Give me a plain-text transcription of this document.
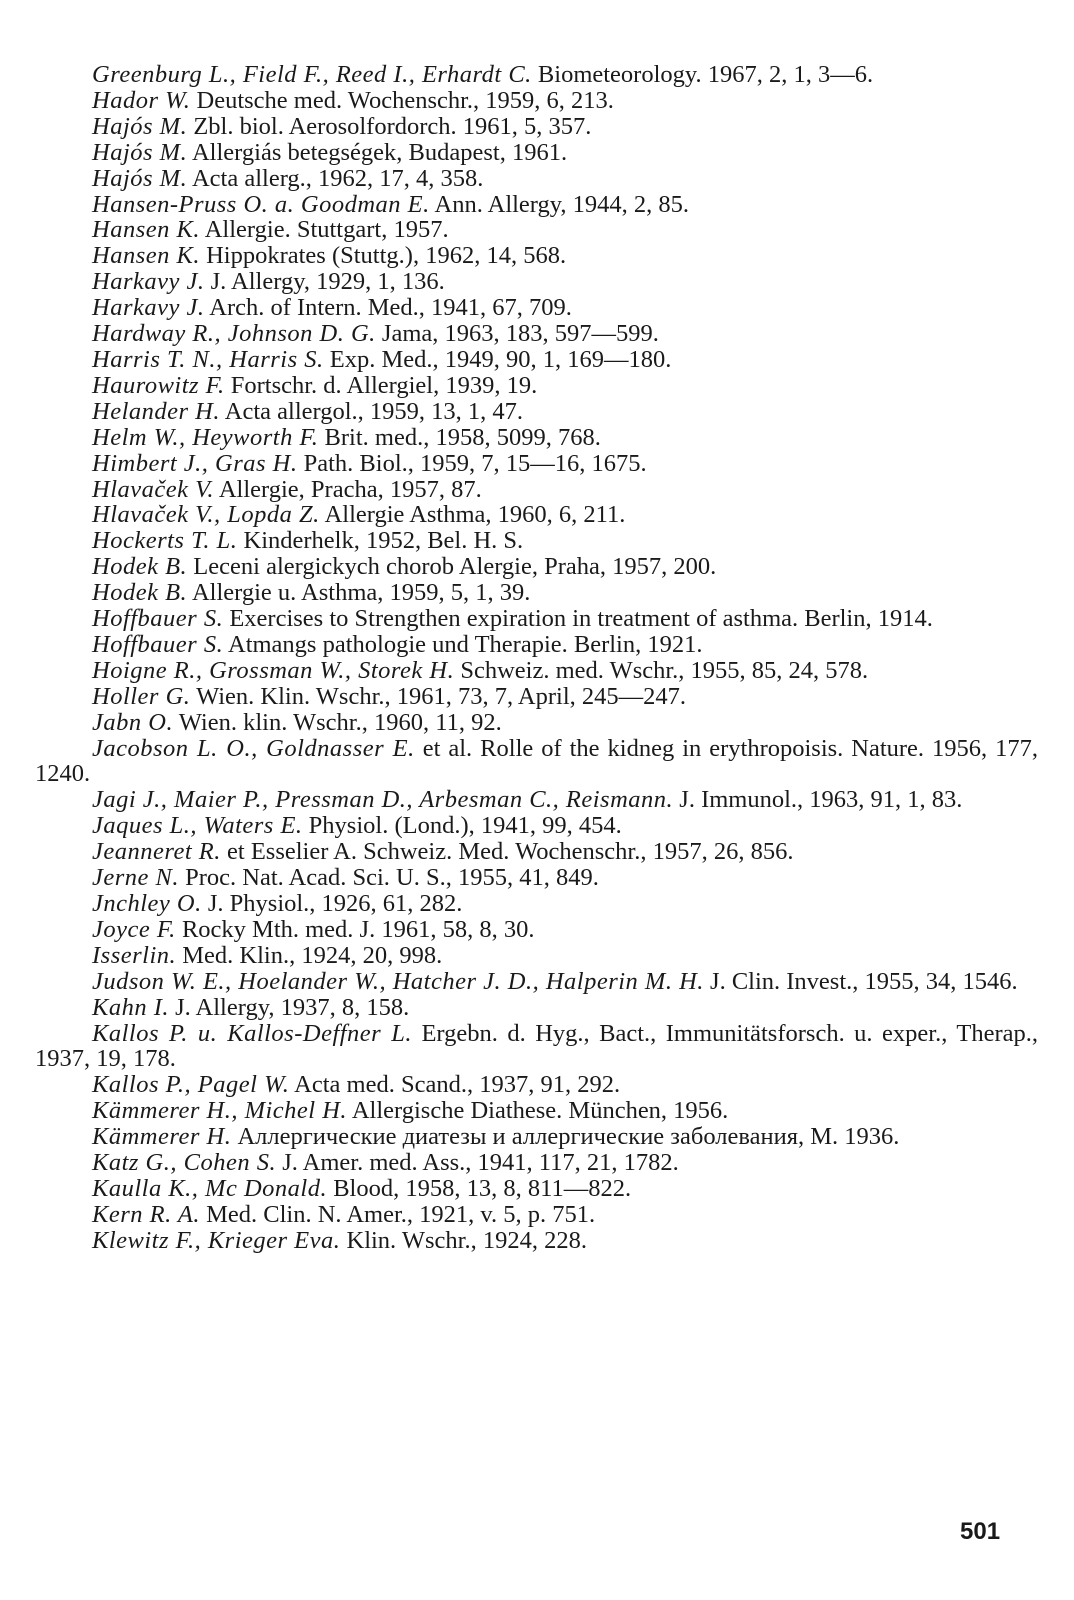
Greenburg L., Field F., Reed I., Erhardt C. Biometeorology. 1967, 2, 1, 3—6.

Hador W. Deutsche med. Wochenschr., 1959, 6, 213.

Hajós M. Zbl. biol. Aerosolfordorch. 1961, 5, 357.

Hajós M. Allergiás betegségek, Budapest, 1961.

Hajós M. Acta allerg., 1962, 17, 4, 358.

Hansen-Pruss O. a. Goodman E. Ann. Allergy, 1944, 2, 85.

Hansen K. Allergie. Stuttgart, 1957.

Hansen K. Hippokrates (Stuttg.), 1962, 14, 568.

Harkavy J. J. Allergy, 1929, 1, 136.

Harkavy J. Arch. of Intern. Med., 1941, 67, 709.

Hardway R., Johnson D. G. Jama, 1963, 183, 597—599.

Harris T. N., Harris S. Exp. Med., 1949, 90, 1, 169—180.

Haurowitz F. Fortschr. d. Allergiel, 1939, 19.

Helander H. Acta allergol., 1959, 13, 1, 47.

Helm W., Heyworth F. Brit. med., 1958, 5099, 768.

Himbert J., Gras H. Path. Biol., 1959, 7, 15—16, 1675.

Hlavaček V. Allergie, Pracha, 1957, 87.

Hlavaček V., Lopda Z. Allergie Asthma, 1960, 6, 211.

Hockerts T. L. Kinderhelk, 1952, Bel. H. S.

Hodek B. Leceni alergickych chorob Alergie, Praha, 1957, 200.

Hodek B. Allergie u. Asthma, 1959, 5, 1, 39.

Hoffbauer S. Exercises to Strengthen expiration in treatment of asthma. Berlin, 1914.

Hoffbauer S. Atmangs pathologie und Therapie. Berlin, 1921.

Hoigne R., Grossman W., Storek H. Schweiz. med. Wschr., 1955, 85, 24, 578.

Holler G. Wien. Klin. Wschr., 1961, 73, 7, April, 245—247.

Jabn O. Wien. klin. Wschr., 1960, 11, 92.

Jacobson L. O., Goldnasser E. et al. Rolle of the kidneg in erythropoisis. Nature. 1956, 177, 1240.

Jagi J., Maier P., Pressman D., Arbesman C., Reismann. J. Immunol., 1963, 91, 1, 83.

Jaques L., Waters E. Physiol. (Lond.), 1941, 99, 454.

Jeanneret R. et Esselier A. Schweiz. Med. Wochenschr., 1957, 26, 856.

Jerne N. Proc. Nat. Acad. Sci. U. S., 1955, 41, 849.

Jnchley O. J. Physiol., 1926, 61, 282.

Joyce F. Rocky Mth. med. J. 1961, 58, 8, 30.

Isserlin. Med. Klin., 1924, 20, 998.

Judson W. E., Hoelander W., Hatcher J. D., Halperin M. H. J. Clin. Invest., 1955, 34, 1546.

Kahn I. J. Allergy, 1937, 8, 158.

Kallos P. u. Kallos-Deffner L. Ergebn. d. Hyg., Bact., Immunitätsforsch. u. exper., Therap., 1937, 19, 178.

Kallos P., Pagel W. Acta med. Scand., 1937, 91, 292.

Kämmerer H., Michel H. Allergische Diathese. München, 1956.

Kämmerer H. Аллергические диатезы и аллергические заболевания, М. 1936.

Katz G., Cohen S. J. Amer. med. Ass., 1941, 117, 21, 1782.

Kaulla K., Mc Donald. Blood, 1958, 13, 8, 811—822.

Kern R. A. Med. Clin. N. Amer., 1921, v. 5, p. 751.

Klewitz F., Krieger Eva. Klin. Wschr., 1924, 228.

501
